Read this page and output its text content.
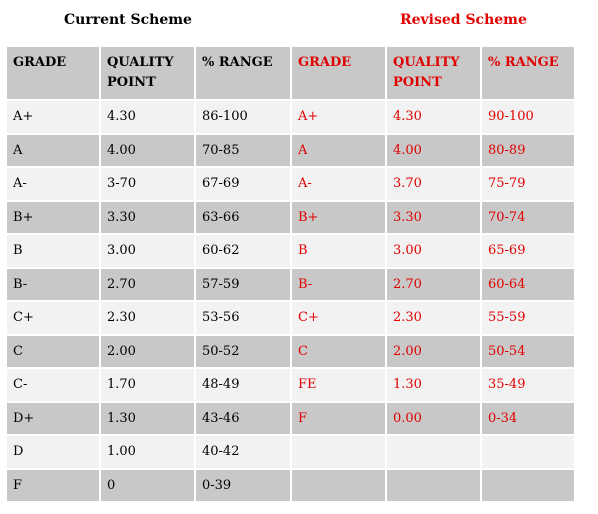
Current Scheme	Revised Scheme
GRADE	QUALITY POINT	% RANGE	GRADE	QUALITY POINT	% RANGE
A+	4.30	86-100	A+	4.30	90-100
A	4.00	70-85	A	4.00	80-89
A-	3-70	67-69	A-	3.70	75-79
B+	3.30	63-66	B+	3.30	70-74
B	3.00	60-62	B	3.00	65-69
B-	2.70	57-59	B-	2.70	60-64
C+	2.30	53-56	C+	2.30	55-59
C	2.00	50-52	C	2.00	50-54
C-	1.70	48-49	FE	1.30	35-49
D+	1.30	43-46	F	0.00	0-34
D	1.00	40-42			
F	0	0-39			
